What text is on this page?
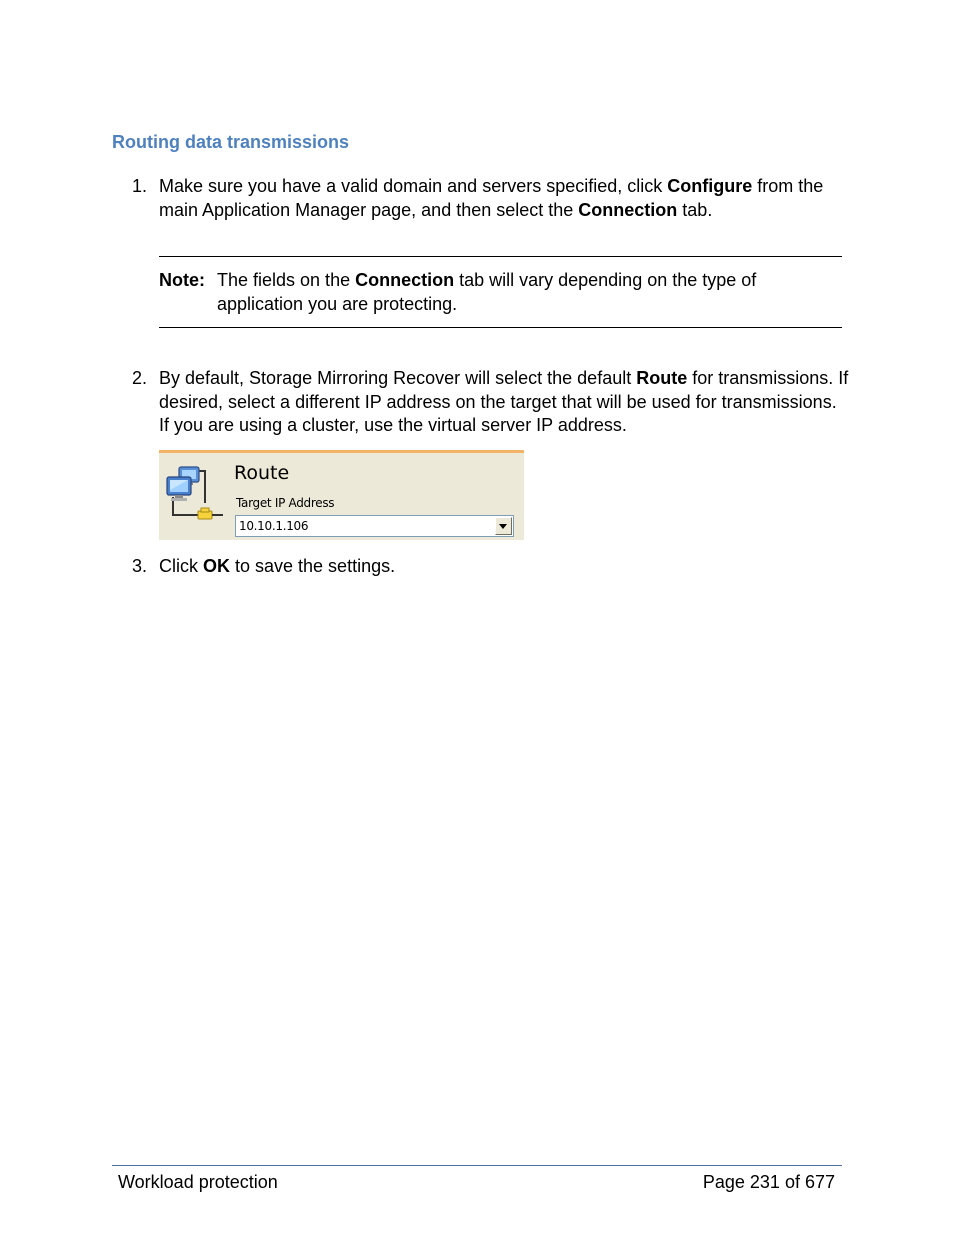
Routing data transmissions
1. Make sure you have a valid domain and servers specified, click Configure from the main Application Manager page, and then select the Connection tab.
Note: The fields on the Connection tab will vary depending on the type of application you are protecting.
2. By default, Storage Mirroring Recover will select the default Route for transmissions. If desired, select a different IP address on the target that will be used for transmissions. If you are using a cluster, use the virtual server IP address.
Route
Target IP Address
10.10.1.106
3. Click OK to save the settings.
Workload protection	Page 231 of 677
